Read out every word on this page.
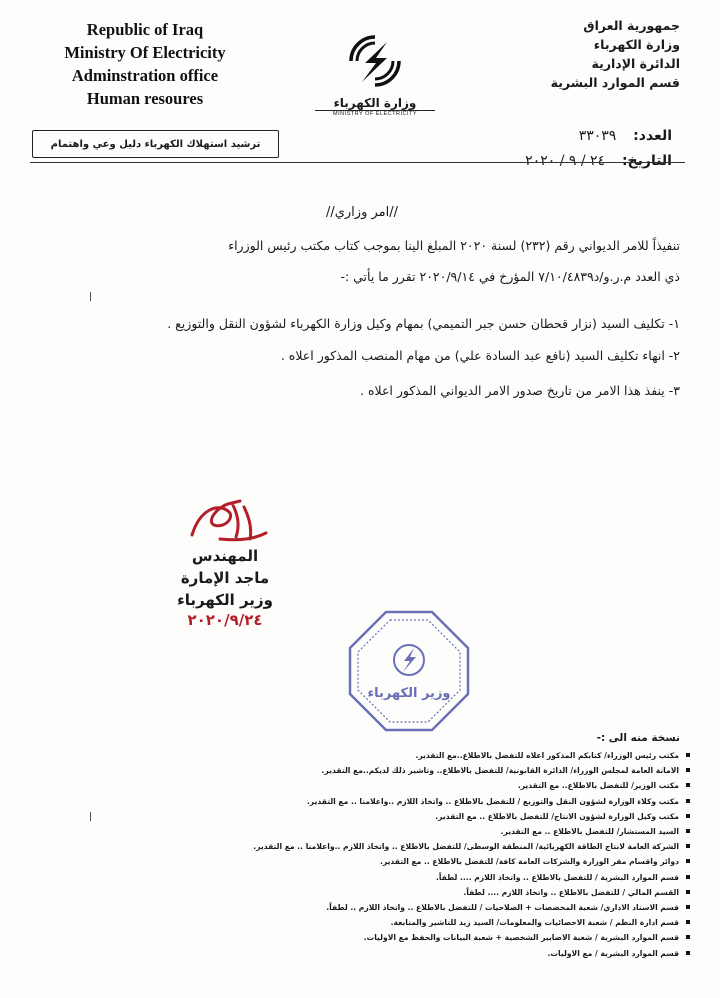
Republic of Iraq
Ministry Of Electricity
Adminstration office
Human resoures	وزارة الكهرباء
MINISTRY OF ELECTRICITY
جمهورية العراق
وزارة الكهرباء
الدائرة الإدارية
قسم الموارد البشرية
ترشيد استهلاك الكهرباء دليل وعي واهتمام	العدد: ٣٣٠٣٩
التاريخ: ٢٤ / ٩ / ٢٠٢٠
//امر وزاري//
تنفيذاً للامر الديواني رقم (٢٣٢) لسنة ٢٠٢٠ المبلغ الينا بموجب كتاب مكتب رئيس الوزراء
ذي العدد م.ر.و/د٧/١٠/٤٨٣٩ المؤرخ في ٢٠٢٠/٩/١٤ تقرر ما يأتي :-
١- تكليف السيد (نزار قحطان حسن جبر التميمي) بمهام وكيل وزارة الكهرباء لشؤون النقل والتوزيع .
٢- انهاء تكليف السيد (نافع عبد السادة علي) من مهام المنصب المذكور اعلاه .
٣- ينفذ هذا الامر من تاريخ صدور الامر الديواني المذكور اعلاه .
المهندس
ماجد الإمارة
وزير الكهرباء
٢٠٢٠/٩/٢٤
وزير الكهرباء
نسخة منه الى :-
مكتب رئيس الوزراء/ كتابكم المذكور اعلاه للتفضل بالاطلاع..مع التقدير.
الامانة العامة لمجلس الوزراء/ الدائرة القانونية/ للتفضل بالاطلاع.. وتاشير ذلك لديكم..مع التقدير.
مكتب الوزير/ للتفضل بالاطلاع.. مع التقدير.
مكتب وكلاء الوزارة لشؤون النقل والتوزيع / للتفضل بالاطلاع .. واتخاذ اللازم ..واعلامنا .. مع التقدير.
مكتب وكيل الوزارة لشؤون الانتاج/ للتفضل بالاطلاع .. مع التقدير.
السيد المستشار/ للتفضل بالاطلاع .. مع التقدير.
الشركة العامة لانتاج الطاقة الكهربائية/ المنطقة الوسطى/ للتفضل بالاطلاع .. واتخاذ اللازم ..واعلامنا .. مع التقدير.
دوائر واقسام مقر الوزارة والشركات العامة كافة/ للتفضل بالاطلاع .. مع التقدير.
قسم الموارد البشرية / للتفضل بالاطلاع .. واتخاذ اللازم .... لطفاً.
القسم المالي / للتفضل بالاطلاع .. واتخاذ اللازم .... لطفاً.
قسم الاسناد الاداري/ شعبة المخصصات + الصلاحيات / للتفضل بالاطلاع .. واتخاذ اللازم .. لطفاً.
قسم ادارة النظم / شعبة الاحصائيات والمعلومات/ السيد زيد للتاشير والمتابعة.
قسم الموارد البشرية / شعبة الاضابير الشخصية + شعبة البيانات والحفظ مع الاوليات.
قسم الموارد البشرية / مع الاوليات.
